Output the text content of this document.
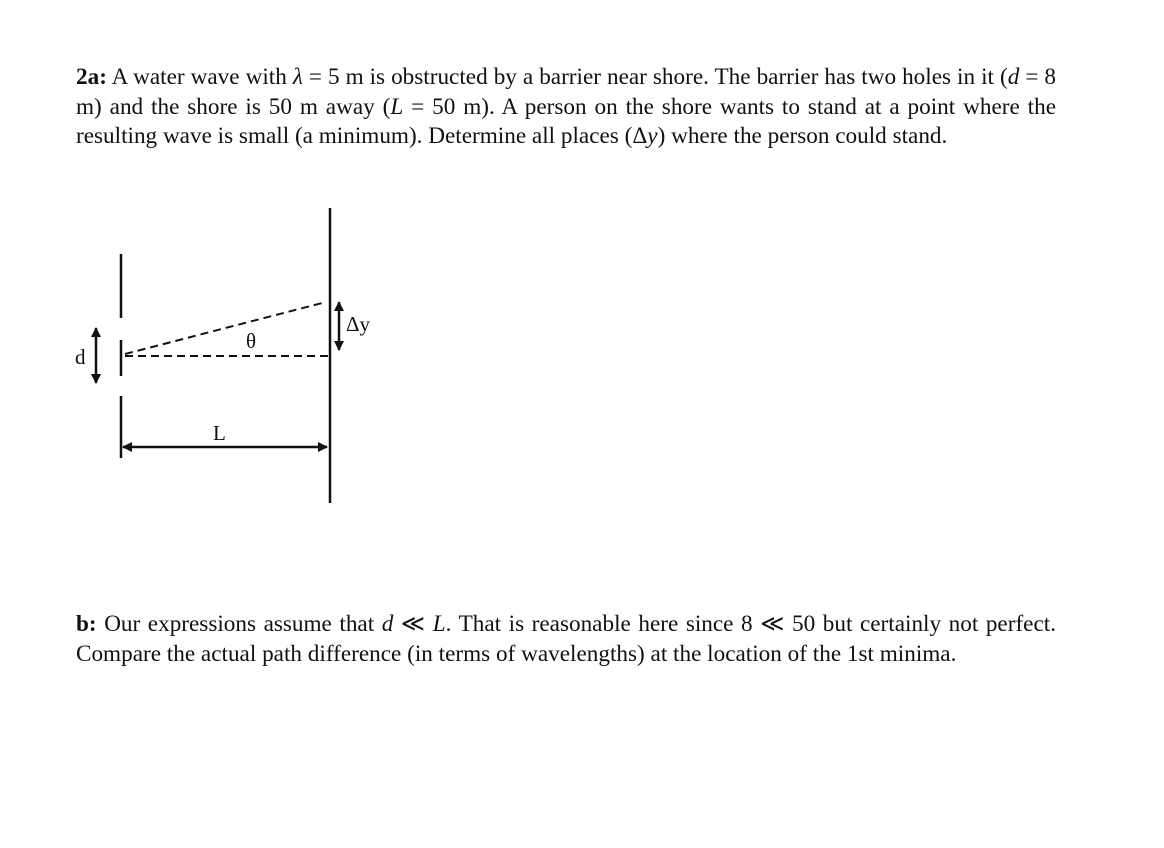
2a: A water wave with λ = 5 m is obstructed by a barrier near shore. The barrier has two holes in it (d = 8 m) and the shore is 50 m away (L = 50 m). A person on the shore wants to stand at a point where the resulting wave is small (a minimum). Determine all places (Δy) where the person could stand.
d
θ
Δy
L
b: Our expressions assume that d ≪ L. That is reasonable here since 8 ≪ 50 but certainly not perfect. Compare the actual path difference (in terms of wavelengths) at the location of the 1st minima.
